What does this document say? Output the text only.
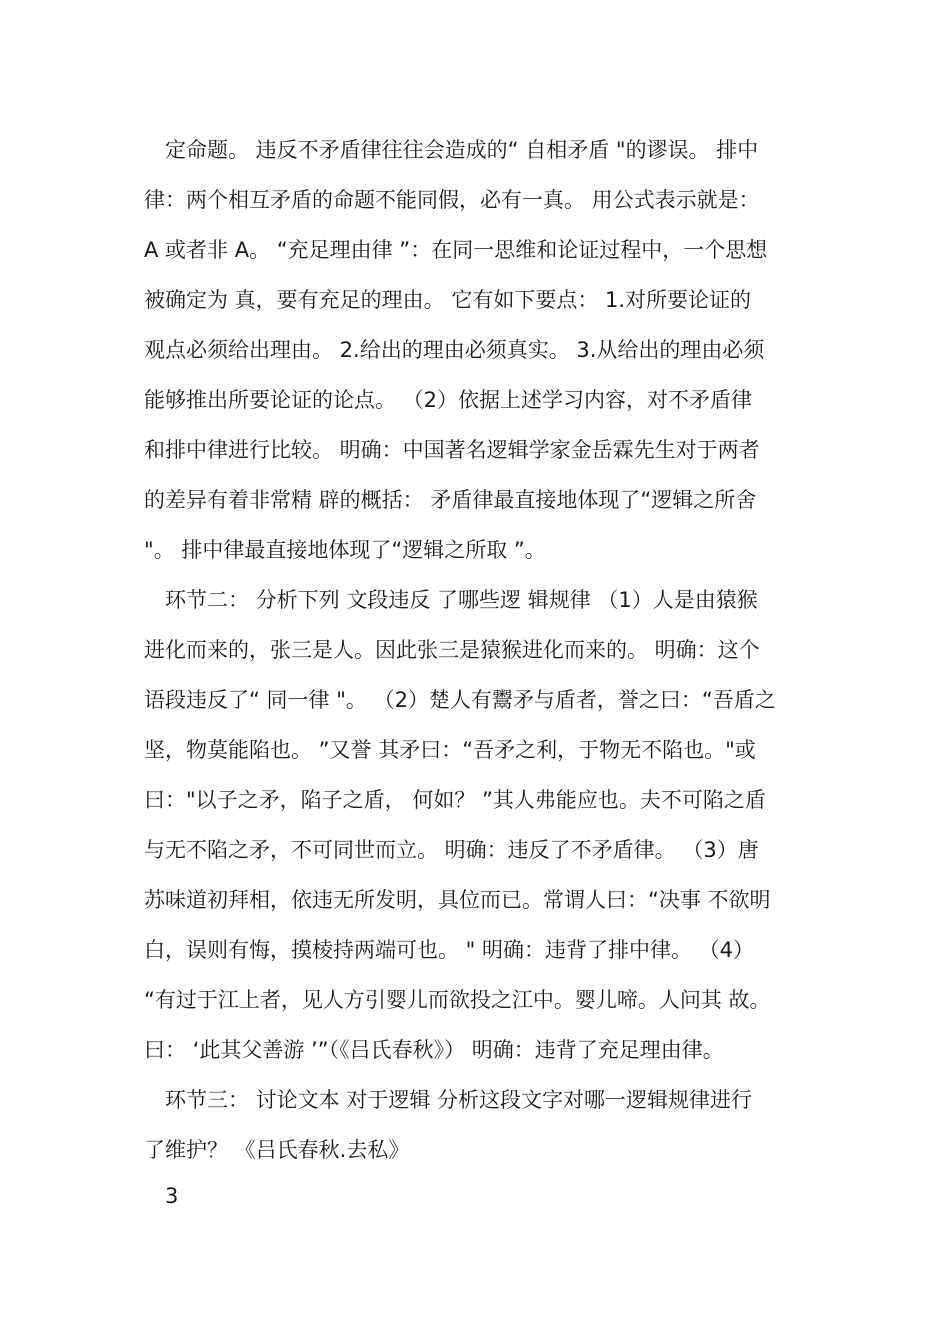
　定命题。 违反不矛盾律往往会造成的“ 自相矛盾 "的谬误。 排中
律：两个相互矛盾的命题不能同假，必有一真。 用公式表示就是：
A 或者非 A。 “充足理由律 ”：在同一思维和论证过程中，一个思想
被确定为 真，要有充足的理由。 它有如下要点： 1.对所要论证的
观点必须给出理由。 2.给出的理由必须真实。 3.从给出的理由必须
能够推出所要论证的论点。 （2）依据上述学习内容，对不矛盾律
和排中律进行比较。 明确：中国著名逻辑学家金岳霖先生对于两者
的差异有着非常精 辟的概括： 矛盾律最直接地体现了“逻辑之所舍
"。 排中律最直接地体现了“逻辑之所取 ”。
　环节二： 分析下列 文段违反 了哪些逻 辑规律 （1）人是由猿猴
进化而来的，张三是人。因此张三是猿猴进化而来的。 明确：这个
语段违反了“ 同一律 "。 （2）楚人有鬻矛与盾者，誉之曰：“吾盾之
坚，物莫能陷也。 ”又誉 其矛曰：“吾矛之利，于物无不陷也。"或
曰："以子之矛，陷子之盾， 何如？ ”其人弗能应也。夫不可陷之盾
与无不陷之矛，不可同世而立。 明确：违反了不矛盾律。 （3）唐
苏味道初拜相，依违无所发明，具位而已。常谓人曰：“决事 不欲明
白，误则有悔，摸棱持两端可也。 " 明确：违背了排中律。 （4）
“有过于江上者，见人方引婴儿而欲投之江中。婴儿啼。人问其 故。
曰： ‘此其父善游 ’”（《吕氏春秋》） 明确：违背了充足理由律。
　环节三： 讨论文本 对于逻辑 分析这段文字对哪一逻辑规律进行
了维护？ 《吕氏春秋.去私》
　3
